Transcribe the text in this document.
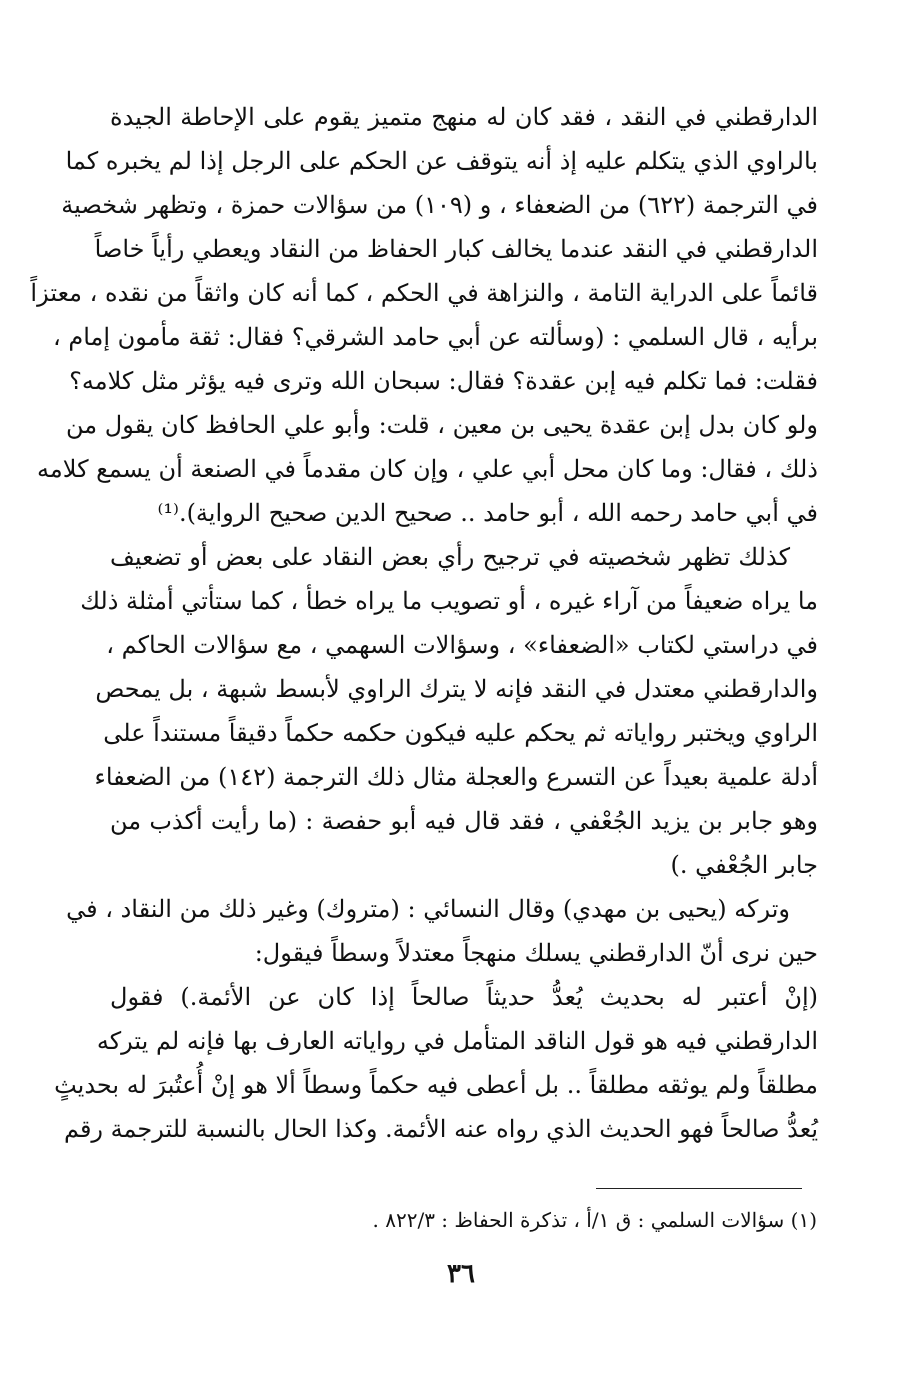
الدارقطني في النقد ، فقد كان له منهج متميز يقوم على الإحاطة الجيدة
بالراوي الذي يتكلم عليه إذ أنه يتوقف عن الحكم على الرجل إذا لم يخبره كما
في الترجمة (٦٢٢) من الضعفاء ، و (١٠٩) من سؤالات حمزة ، وتظهر شخصية
الدارقطني في النقد عندما يخالف كبار الحفاظ من النقاد ويعطي رأياً خاصاً
قائماً على الدراية التامة ، والنزاهة في الحكم ، كما أنه كان واثقاً من نقده ، معتزاً
برأيه ، قال السلمي : (وسألته عن أبي حامد الشرقي؟ فقال: ثقة مأمون إمام ،
فقلت: فما تكلم فيه إبن عقدة؟ فقال: سبحان الله وترى فيه يؤثر مثل كلامه؟
ولو كان بدل إبن عقدة يحيى بن معين ، قلت: وأبو علي الحافظ كان يقول من
ذلك ، فقال: وما كان محل أبي علي ، وإن كان مقدماً في الصنعة أن يسمع كلامه
في أبي حامد رحمه الله ، أبو حامد .. صحيح الدين صحيح الرواية).⁽¹⁾
كذلك تظهر شخصيته في ترجيح رأي بعض النقاد على بعض أو تضعيف
ما يراه ضعيفاً من آراء غيره ، أو تصويب ما يراه خطأ ، كما ستأتي أمثلة ذلك
في دراستي لكتاب «الضعفاء» ، وسؤالات السهمي ، مع سؤالات الحاكم ،
والدارقطني معتدل في النقد فإنه لا يترك الراوي لأبسط شبهة ، بل يمحص
الراوي ويختبر رواياته ثم يحكم عليه فيكون حكمه حكماً دقيقاً مستنداً على
أدلة علمية بعيداً عن التسرع والعجلة مثال ذلك الترجمة (١٤٢) من الضعفاء
وهو جابر بن يزيد الجُعْفي ، فقد قال فيه أبو حفصة : (ما رأيت أكذب من
جابر الجُعْفي .)
وتركه (يحيى بن مهدي) وقال النسائي : (متروك) وغير ذلك من النقاد ، في
حين نرى أنّ الدارقطني يسلك منهجاً معتدلاً وسطاً فيقول:
(إنْ أعتبر له بحديث يُعدُّ حديثاً صالحاً إذا كان عن الأئمة.) فقول
الدارقطني فيه هو قول الناقد المتأمل في رواياته العارف بها فإنه لم يتركه
مطلقاً ولم يوثقه مطلقاً .. بل أعطى فيه حكماً وسطاً ألا هو إنْ أُعتُبرَ له بحديثٍ
يُعدُّ صالحاً فهو الحديث الذي رواه عنه الأئمة. وكذا الحال بالنسبة للترجمة رقم
(١) سؤالات السلمي : ق ١/أ ، تذكرة الحفاظ : ٨٢٢/٣ .
٣٦
